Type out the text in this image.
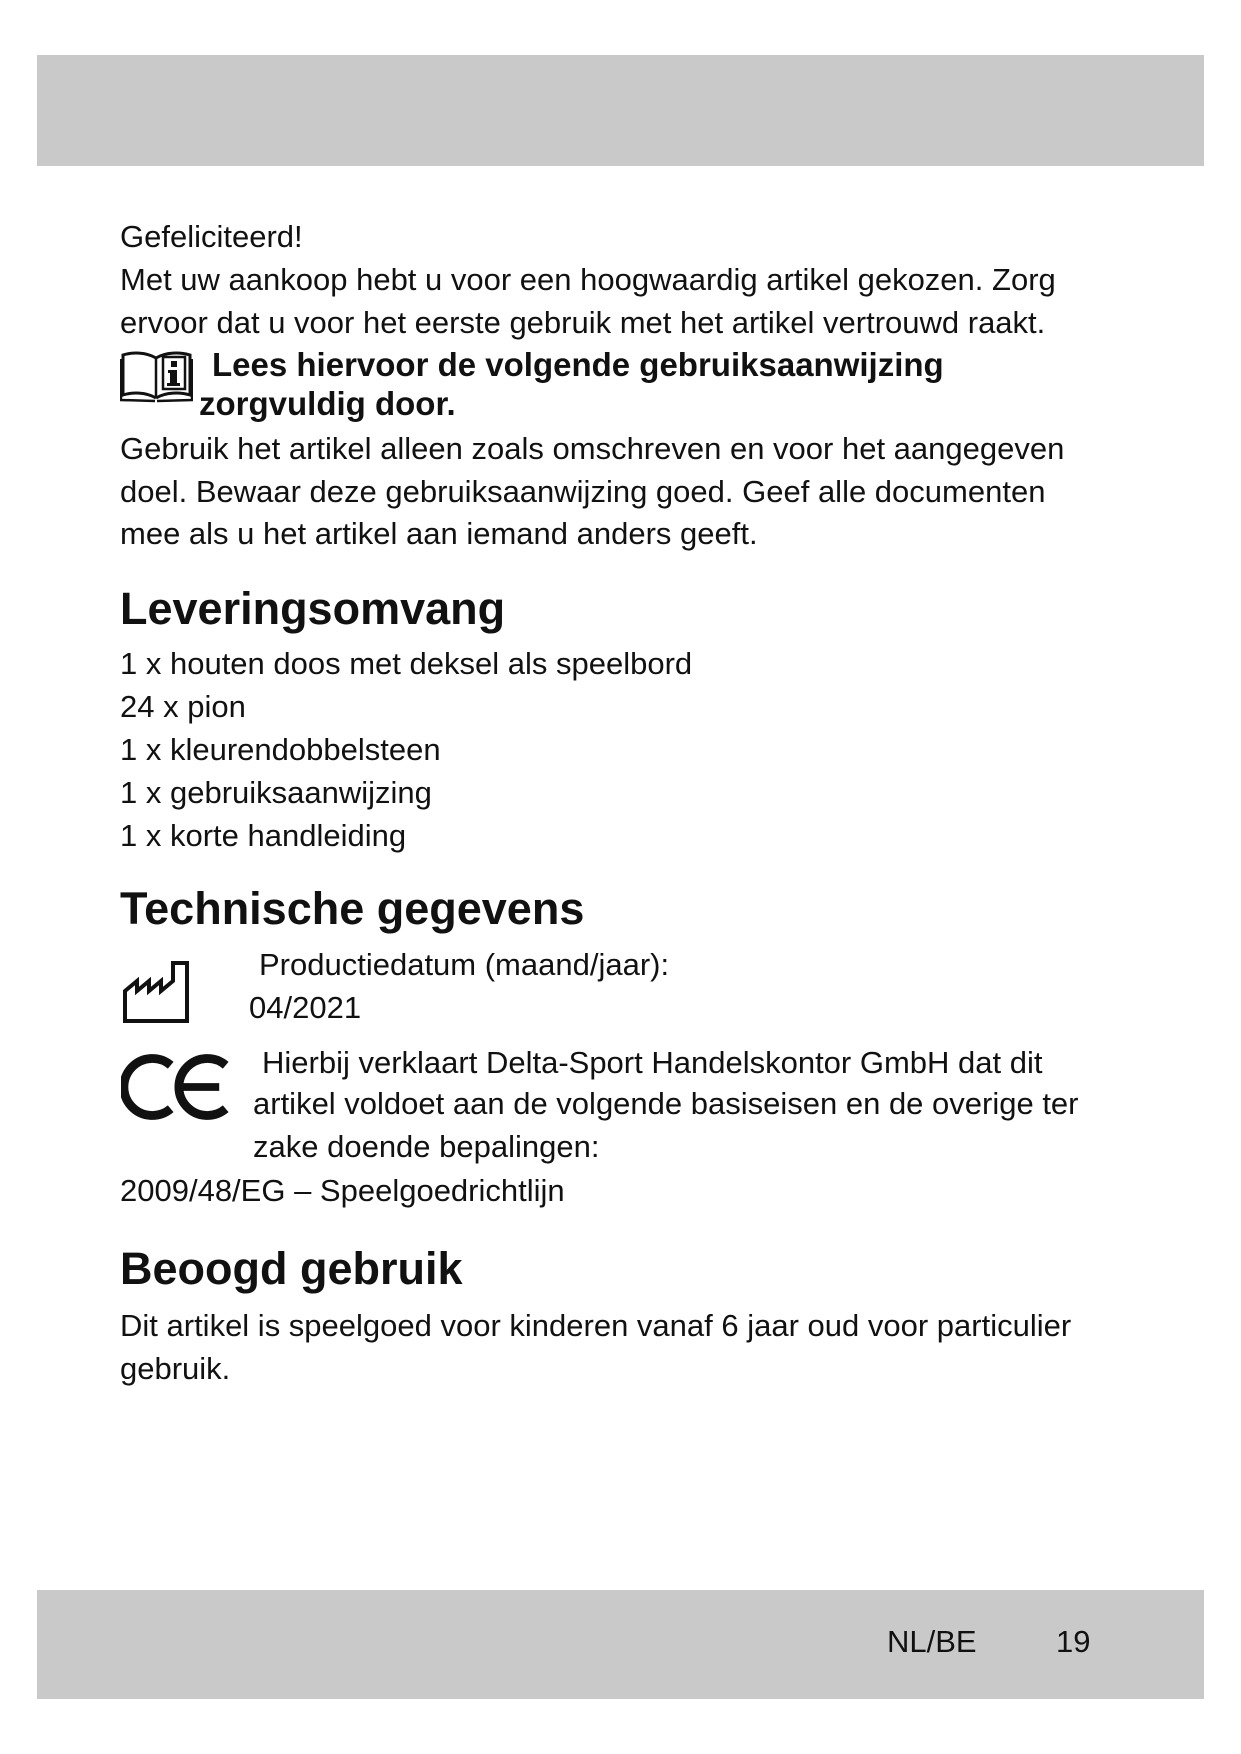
Gefeliciteerd!
Met uw aankoop hebt u voor een hoogwaardig artikel gekozen. Zorg
ervoor dat u voor het eerste gebruik met het artikel vertrouwd raakt.
Lees hiervoor de volgende gebruiksaanwijzing
zorgvuldig door.
Gebruik het artikel alleen zoals omschreven en voor het aangegeven
doel. Bewaar deze gebruiksaanwijzing goed. Geef alle documenten
mee als u het artikel aan iemand anders geeft.
Leveringsomvang
1 x houten doos met deksel als speelbord
24 x pion
1 x kleurendobbelsteen
1 x gebruiksaanwijzing
1 x korte handleiding
Technische gegevens
Productiedatum (maand/jaar):
04/2021
Hierbij verklaart Delta-Sport Handelskontor GmbH dat dit
artikel voldoet aan de volgende basiseisen en de overige ter
zake doende bepalingen:
2009/48/EG – Speelgoedrichtlijn
Beoogd gebruik
Dit artikel is speelgoed voor kinderen vanaf 6 jaar oud voor particulier
gebruik.
NL/BE	19
